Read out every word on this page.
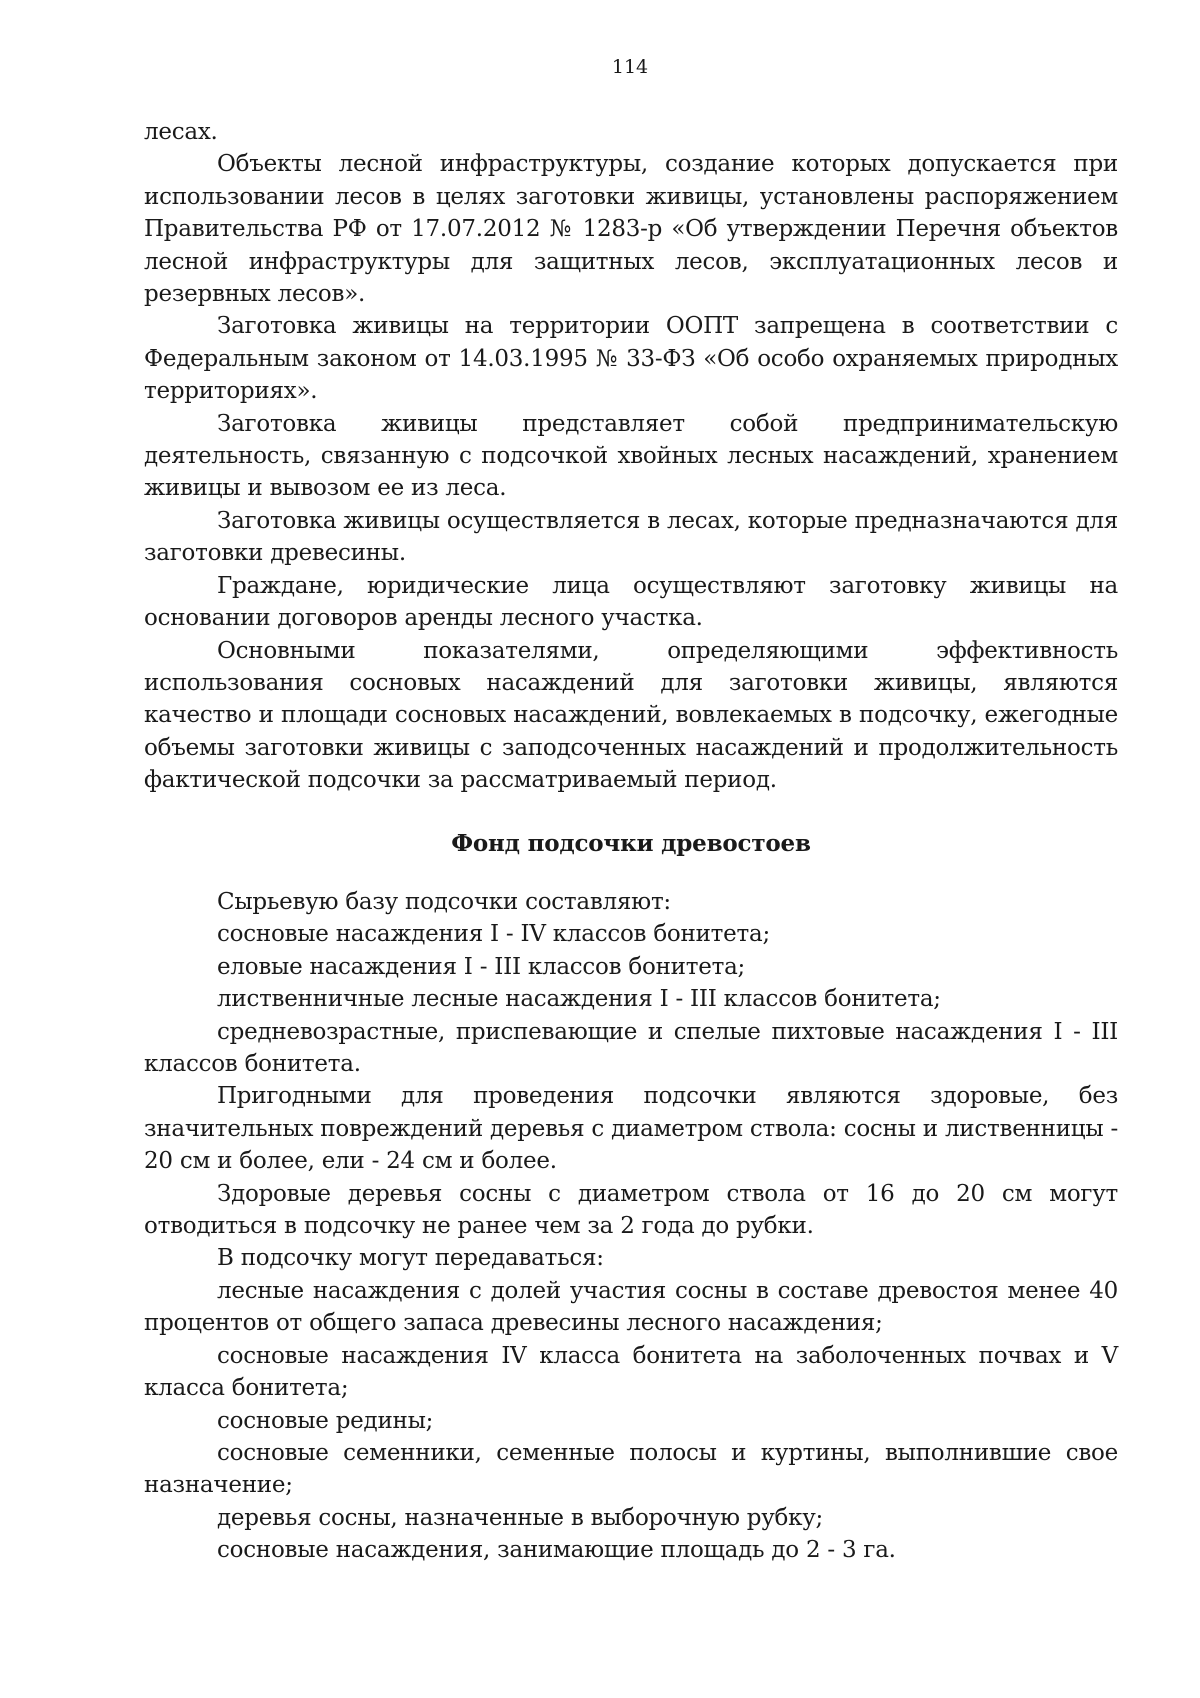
114

лесах.

Объекты лесной инфраструктуры, создание которых допускается при использовании лесов в целях заготовки живицы, установлены распоряжением Правительства РФ от 17.07.2012 № 1283-р «Об утверждении Перечня объектов лесной инфраструктуры для защитных лесов, эксплуатационных лесов и резервных лесов».

Заготовка живицы на территории ООПТ запрещена в соответствии с Федеральным законом от 14.03.1995 № 33-ФЗ «Об особо охраняемых природных территориях».

Заготовка живицы представляет собой предпринимательскую деятельность, связанную с подсочкой хвойных лесных насаждений, хранением живицы и вывозом ее из леса.

Заготовка живицы осуществляется в лесах, которые предназначаются для заготовки древесины.

Граждане, юридические лица осуществляют заготовку живицы на основании договоров аренды лесного участка.

Основными показателями, определяющими эффективность использования сосновых насаждений для заготовки живицы, являются качество и площади сосновых насаждений, вовлекаемых в подсочку, ежегодные объемы заготовки живицы с заподсоченных насаждений и продолжительность фактической подсочки за рассматриваемый период.

Фонд подсочки древостоев

Сырьевую базу подсочки составляют:

сосновые насаждения I - IV классов бонитета;

еловые насаждения I - III классов бонитета;

лиственничные лесные насаждения I - III классов бонитета;

средневозрастные, приспевающие и спелые пихтовые насаждения I - III классов бонитета.

Пригодными для проведения подсочки являются здоровые, без значительных повреждений деревья с диаметром ствола: сосны и лиственницы - 20 см и более, ели - 24 см и более.

Здоровые деревья сосны с диаметром ствола от 16 до 20 см могут отводиться в подсочку не ранее чем за 2 года до рубки.

В подсочку могут передаваться:

лесные насаждения с долей участия сосны в составе древостоя менее 40 процентов от общего запаса древесины лесного насаждения;

сосновые насаждения IV класса бонитета на заболоченных почвах и V класса бонитета;

сосновые редины;

сосновые семенники, семенные полосы и куртины, выполнившие свое назначение;

деревья сосны, назначенные в выборочную рубку;

сосновые насаждения, занимающие площадь до 2 - 3 га.
